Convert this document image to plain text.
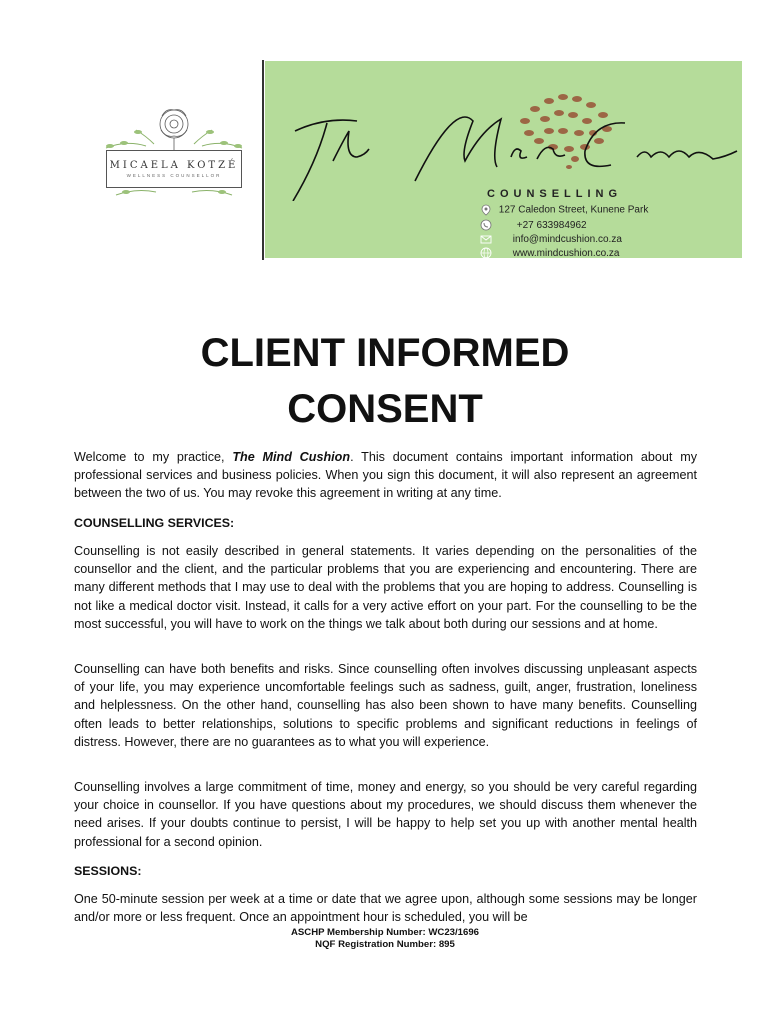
MICAELA KOTZÉ
WELLNESS COUNSELLOR
COUNSELLING
127 Caledon Street, Kunene Park
+27 633984962
info@mindcushion.co.za
www.mindcushion.co.za
CLIENT INFORMED
CONSENT

Welcome to my practice, The Mind Cushion. This document contains important information about my professional services and business policies. When you sign this document, it will also represent an agreement between the two of us. You may revoke this agreement in writing at any time.

COUNSELLING SERVICES:

Counselling is not easily described in general statements. It varies depending on the personalities of the counsellor and the client, and the particular problems that you are experiencing and encountering. There are many different methods that I may use to deal with the problems that you are hoping to address. Counselling is not like a medical doctor visit. Instead, it calls for a very active effort on your part. For the counselling to be the most successful, you will have to work on the things we talk about both during our sessions and at home.

Counselling can have both benefits and risks. Since counselling often involves discussing unpleasant aspects of your life, you may experience uncomfortable feelings such as sadness, guilt, anger, frustration, loneliness and helplessness. On the other hand, counselling has also been shown to have many benefits. Counselling often leads to better relationships, solutions to specific problems and significant reductions in feelings of distress. However, there are no guarantees as to what you will experience.

Counselling involves a large commitment of time, money and energy, so you should be very careful regarding your choice in counsellor. If you have questions about my procedures, we should discuss them whenever the need arises. If your doubts continue to persist, I will be happy to help set you up with another mental health professional for a second opinion.

SESSIONS:

One 50-minute session per week at a time or date that we agree upon, although some sessions may be longer and/or more or less frequent. Once an appointment hour is scheduled, you will be

ASCHP Membership Number: WC23/1696
NQF Registration Number: 895
